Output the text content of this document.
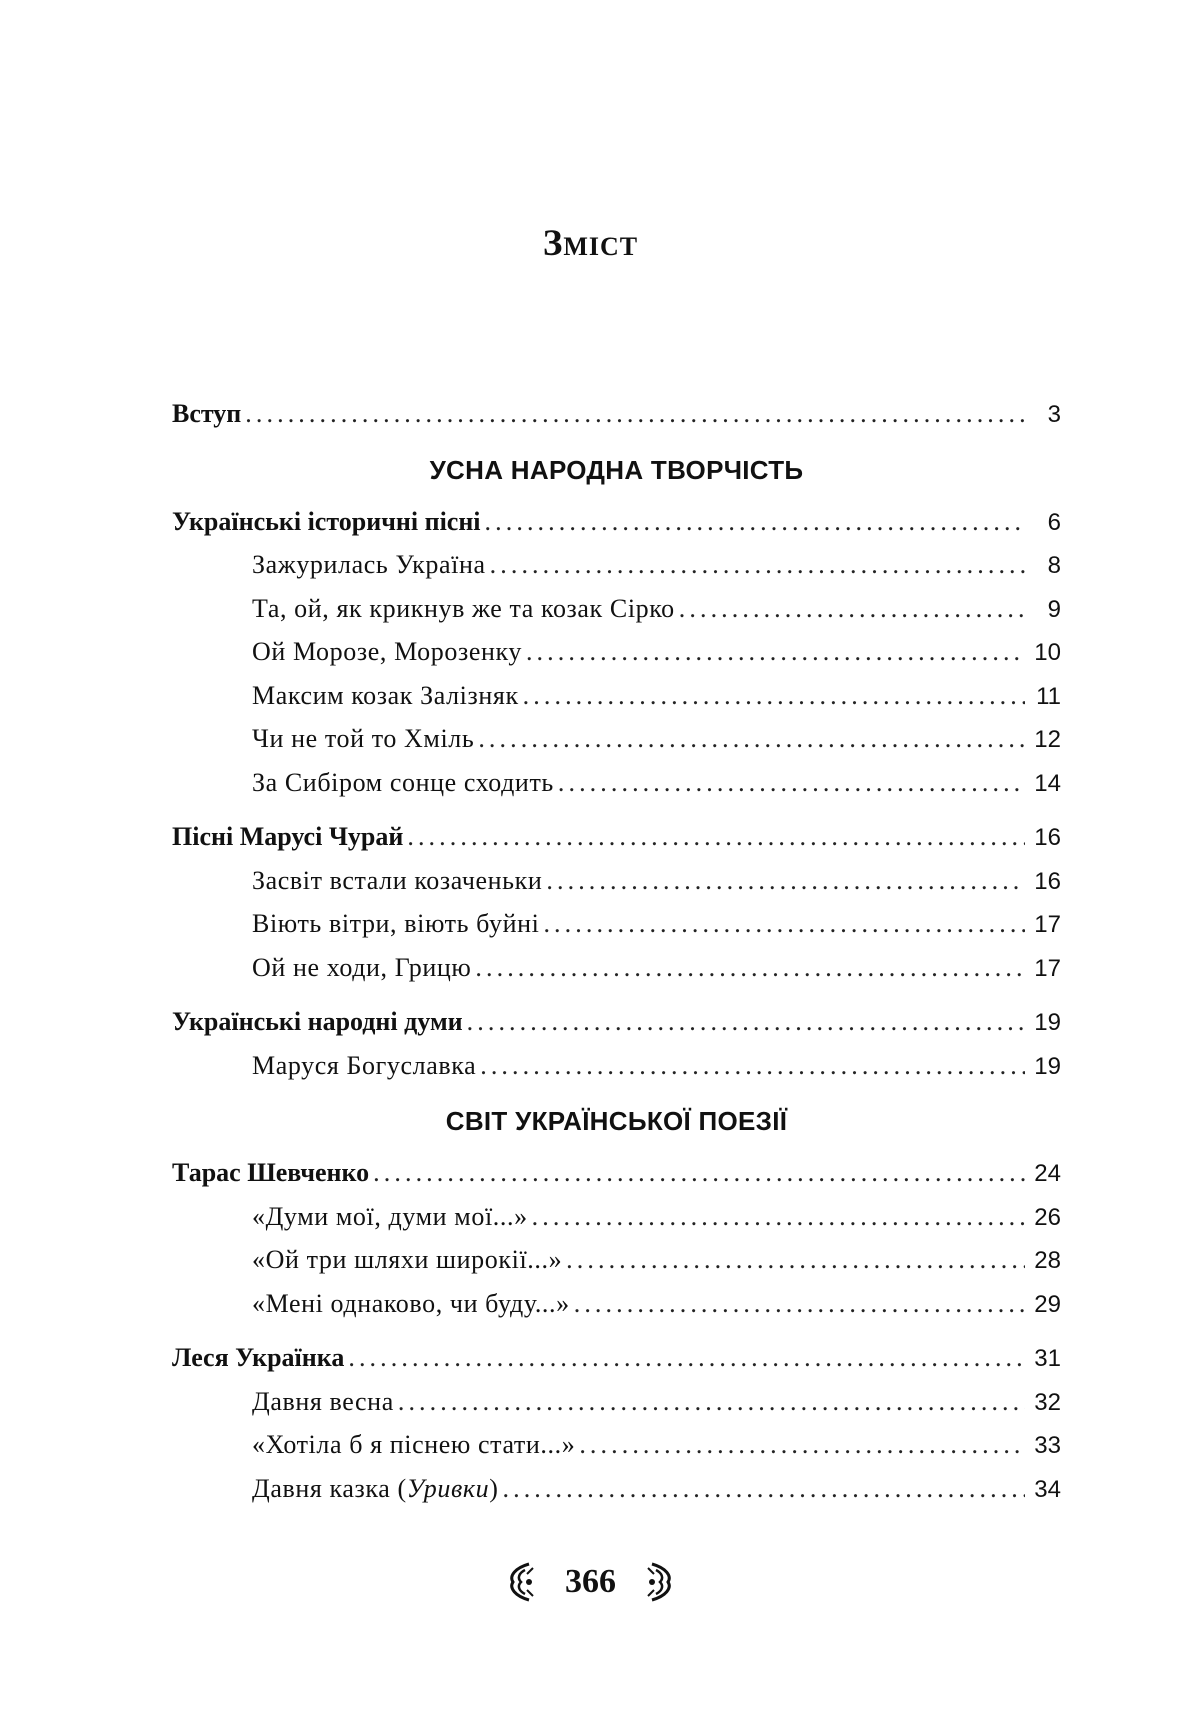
Зміст
Вступ . . .	3
УСНА НАРОДНА ТВОРЧІСТЬ
Українські історичні пісні . . .	6
Зажурилась Україна . . .	8
Та, ой, як крикнув же та козак Сірко . . .	9
Ой Морозе, Морозенку . . .	10
Максим козак Залізняк . . .	11
Чи не той то Хміль . . .	12
За Сибіром сонце сходить . . .	14
Пісні Марусі Чурай . . .	16
Засвіт встали козаченьки . . .	16
Віють вітри, віють буйні . . .	17
Ой не ходи, Грицю . . .	17
Українські народні думи . . .	19
Маруся Богуславка . . .	19
СВІТ УКРАЇНСЬКОЇ ПОЕЗІЇ
Тарас Шевченко . . .	24
«Думи мої, думи мої...» . . .	26
«Ой три шляхи широкії...» . . .	28
«Мені однаково, чи буду...» . . .	29
Леся Українка . . .	31
Давня весна . . .	32
«Хотіла б я піснею стати...» . . .	33
Давня казка (Уривки) . . .	34
366
